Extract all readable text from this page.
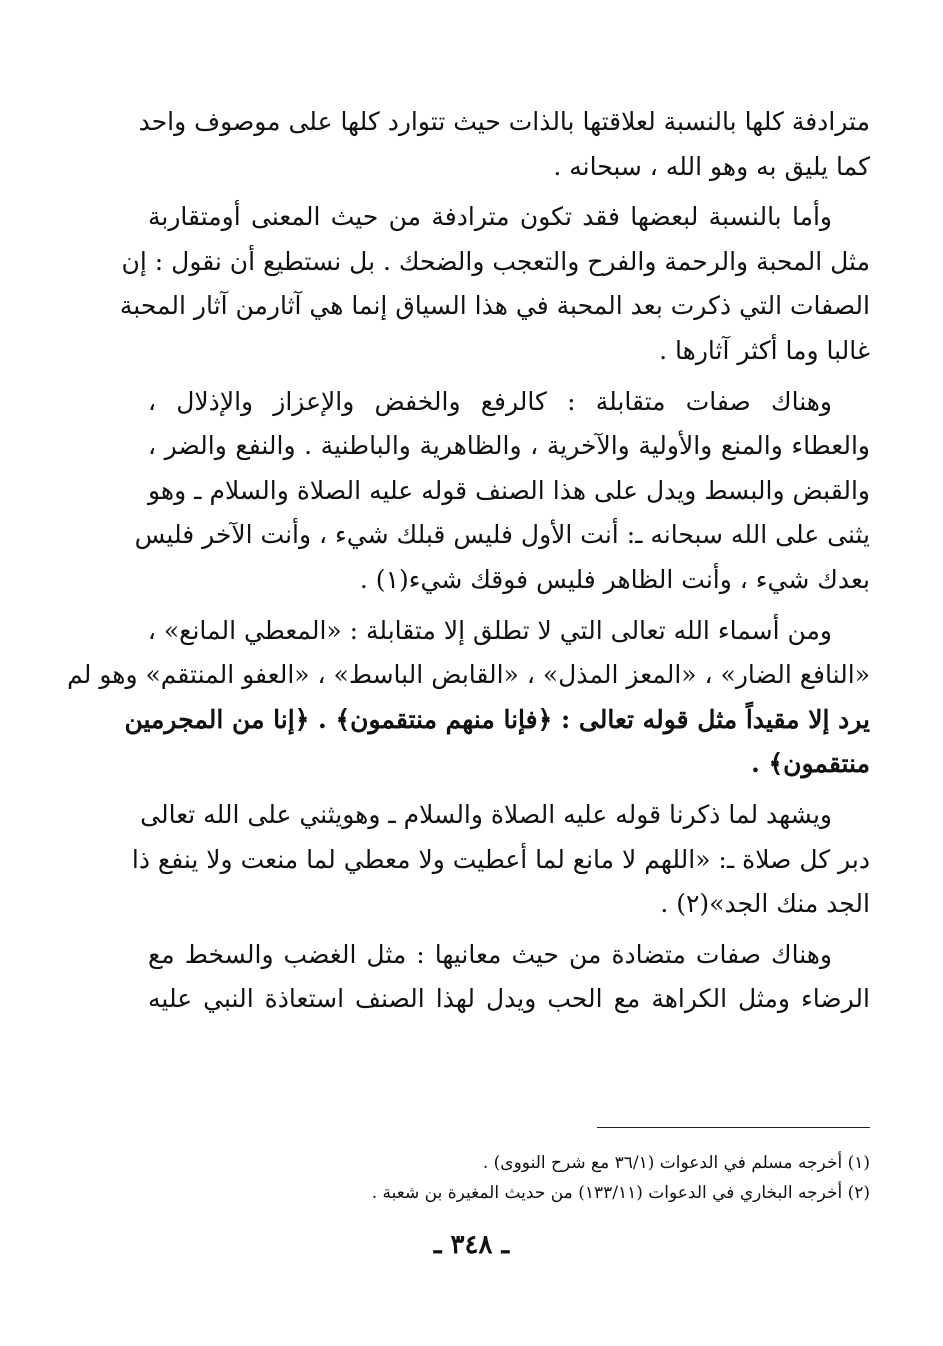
مترادفة كلها بالنسبة لعلاقتها بالذات حيث تتوارد كلها على موصوف واحد
كما يليق به وهو الله ، سبحانه .
وأما بالنسبة لبعضها فقد تكون مترادفة من حيث المعنى أومتقاربة
مثل المحبة والرحمة والفرح والتعجب والضحك . بل نستطيع أن نقول : إن
الصفات التي ذكرت بعد المحبة في هذا السياق إنما هي آثارمن آثار المحبة
غالبا وما أكثر آثارها .
وهناك صفات متقابلة : كالرفع والخفض والإعزاز والإذلال ،
والعطاء والمنع والأولية والآخرية ، والظاهرية والباطنية . والنفع والضر ،
والقبض والبسط ويدل على هذا الصنف قوله عليه الصلاة والسلام ـ وهو
يثنى على الله سبحانه ـ: أنت الأول فليس قبلك شيء ، وأنت الآخر فليس
بعدك شيء ، وأنت الظاهر فليس فوقك شيء(١) .
ومن أسماء الله تعالى التي لا تطلق إلا متقابلة : «المعطي المانع» ،
«النافع الضار» ، «المعز المذل» ، «القابض الباسط» ، «العفو المنتقم» وهو لم
يرد إلا مقيداً مثل قوله تعالى : ﴿فإنا منهم منتقمون﴾ . ﴿إنا من المجرمين
منتقمون﴾ .
ويشهد لما ذكرنا قوله عليه الصلاة والسلام ـ وهويثني على الله تعالى
دبر كل صلاة ـ: «اللهم لا مانع لما أعطيت ولا معطي لما منعت ولا ينفع ذا
الجد منك الجد»(٢) .
وهناك صفات متضادة من حيث معانيها : مثل الغضب والسخط مع
الرضاء ومثل الكراهة مع الحب ويدل لهذا الصنف استعاذة النبي عليه
(١) أخرجه مسلم في الدعوات (٣٦/١ مع شرح النووى) .
(٢) أخرجه البخاري في الدعوات (١٣٣/١١) من حديث المغيرة بن شعبة .
ـ ٣٤٨ ـ
